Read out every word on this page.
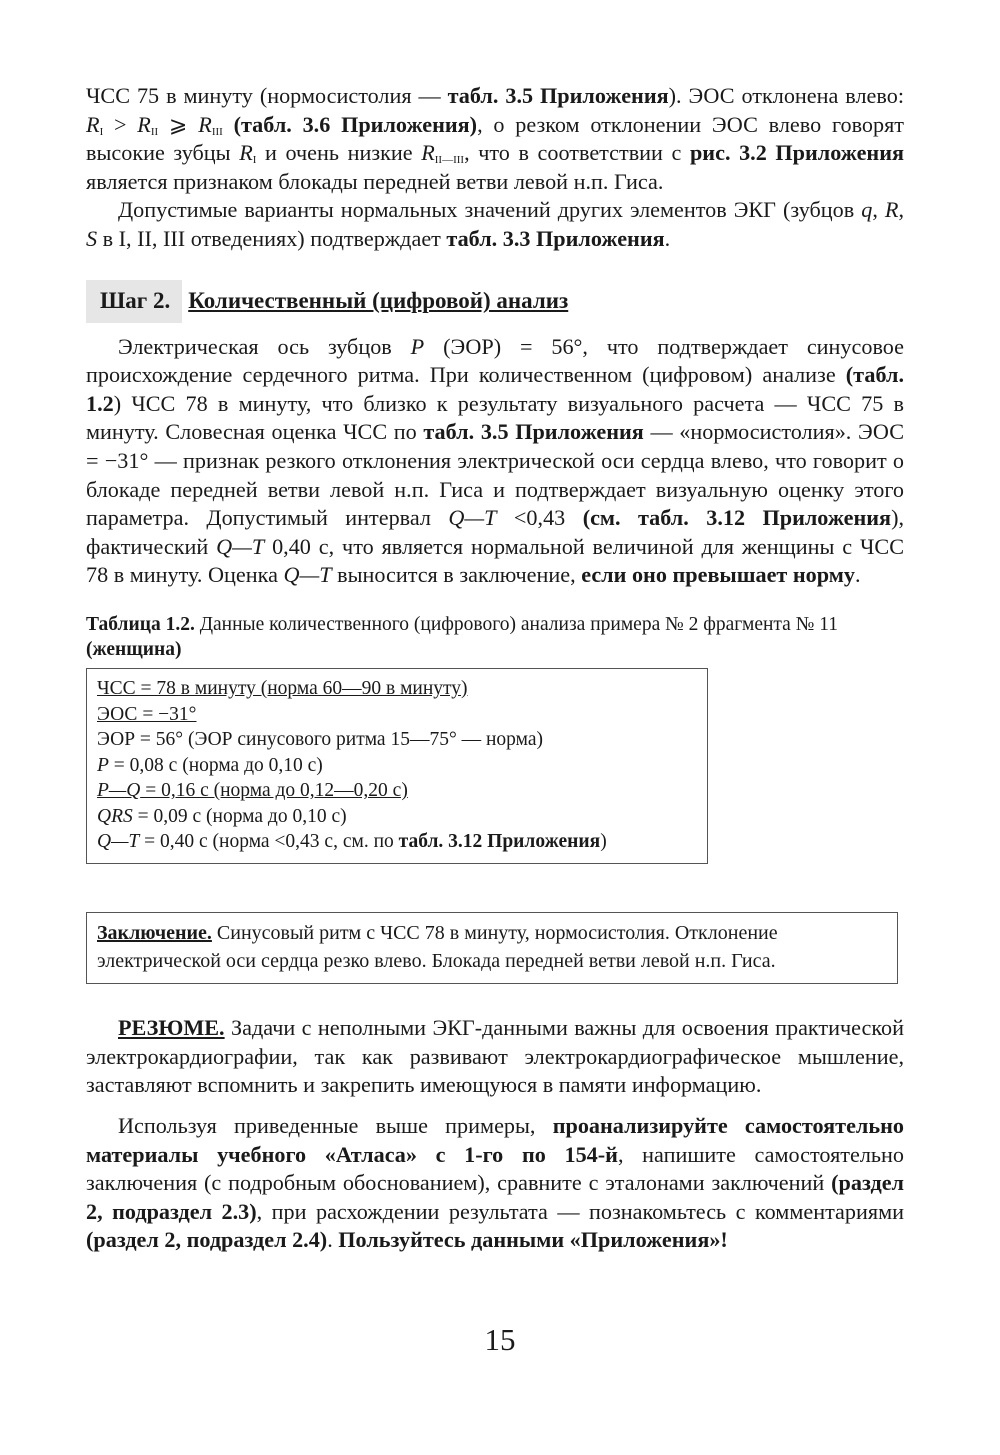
ЧСС 75 в минуту (нормосистолия — табл. 3.5 Приложения). ЭОС отклонена влево: $R_I > R_{II}$ ⩾ $R_{III}$ (табл. 3.6 Приложения), о резком отклонении ЭОС влево говорят высокие зубцы $R_I$ и очень низкие $R_{II—III}$, что в соответствии с рис. 3.2 Приложения является признаком блокады передней ветви левой н.п. Гиса.

Допустимые варианты нормальных значений других элементов ЭКГ (зубцов q, R, S в I, II, III отведениях) подтверждает табл. 3.3 Приложения.

Шаг 2. Количественный (цифровой) анализ

Электрическая ось зубцов P (ЭОР) = 56°, что подтверждает синусовое происхождение сердечного ритма. При количественном (цифровом) анализе (табл. 1.2) ЧСС 78 в минуту, что близко к результату визуального расчета — ЧСС 75 в минуту. Словесная оценка ЧСС по табл. 3.5 Приложения — «нормосистолия». ЭОС = −31° — признак резкого отклонения электрической оси сердца влево, что говорит о блокаде передней ветви левой н.п. Гиса и подтверждает визуальную оценку этого параметра. Допустимый интервал Q—T <0,43 (см. табл. 3.12 Приложения), фактический Q—T 0,40 с, что является нормальной величиной для женщины с ЧСС 78 в минуту. Оценка Q—T выносится в заключение, если оно превышает норму.

Таблица 1.2. Данные количественного (цифрового) анализа примера № 2 фрагмента № 11 (женщина)
ЧСС = 78 в минуту (норма 60—90 в минуту)
ЭОС = −31°
ЭОР = 56° (ЭОР синусового ритма 15—75° — норма)
P = 0,08 с (норма до 0,10 с)
P—Q = 0,16 с (норма до 0,12—0,20 с)
QRS = 0,09 с (норма до 0,10 с)
Q—T = 0,40 с (норма <0,43 с, см. по табл. 3.12 Приложения)
Заключение. Синусовый ритм с ЧСС 78 в минуту, нормосистолия. Отклонение электрической оси сердца резко влево. Блокада передней ветви левой н.п. Гиса.

РЕЗЮМЕ. Задачи с неполными ЭКГ-данными важны для освоения практической электрокардиографии, так как развивают электрокардиографическое мышление, заставляют вспомнить и закрепить имеющуюся в памяти информацию.

Используя приведенные выше примеры, проанализируйте самостоятельно материалы учебного «Атласа» с 1-го по 154-й, напишите самостоятельно заключения (с подробным обоснованием), сравните с эталонами заключений (раздел 2, подраздел 2.3), при расхождении результата — познакомьтесь с комментариями (раздел 2, подраздел 2.4). Пользуйтесь данными «Приложения»!

15
